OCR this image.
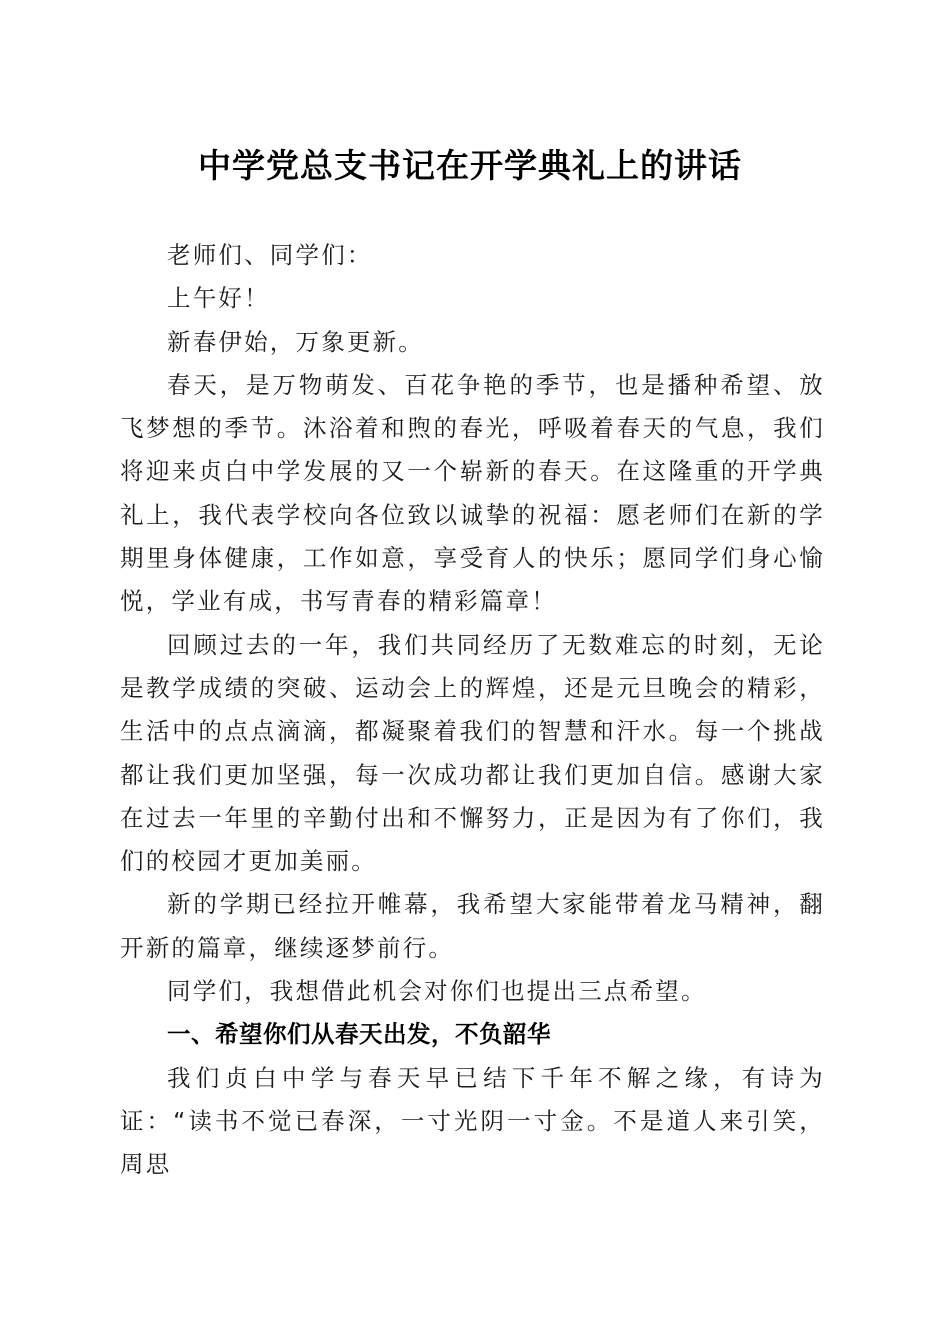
中学党总支书记在开学典礼上的讲话

老师们、同学们：

上午好！

新春伊始，万象更新。

春天，是万物萌发、百花争艳的季节，也是播种希望、放飞梦想的季节。沐浴着和煦的春光，呼吸着春天的气息，我们将迎来贞白中学发展的又一个崭新的春天。在这隆重的开学典礼上，我代表学校向各位致以诚挚的祝福：愿老师们在新的学期里身体健康，工作如意，享受育人的快乐；愿同学们身心愉悦，学业有成，书写青春的精彩篇章！

回顾过去的一年，我们共同经历了无数难忘的时刻，无论是教学成绩的突破、运动会上的辉煌，还是元旦晚会的精彩，生活中的点点滴滴，都凝聚着我们的智慧和汗水。每一个挑战都让我们更加坚强，每一次成功都让我们更加自信。感谢大家在过去一年里的辛勤付出和不懈努力，正是因为有了你们，我们的校园才更加美丽。

新的学期已经拉开帷幕，我希望大家能带着龙马精神，翻开新的篇章，继续逐梦前行。

同学们，我想借此机会对你们也提出三点希望。

一、希望你们从春天出发，不负韶华

我们贞白中学与春天早已结下千年不解之缘，有诗为证：“读书不觉已春深，一寸光阴一寸金。不是道人来引笑，周思
